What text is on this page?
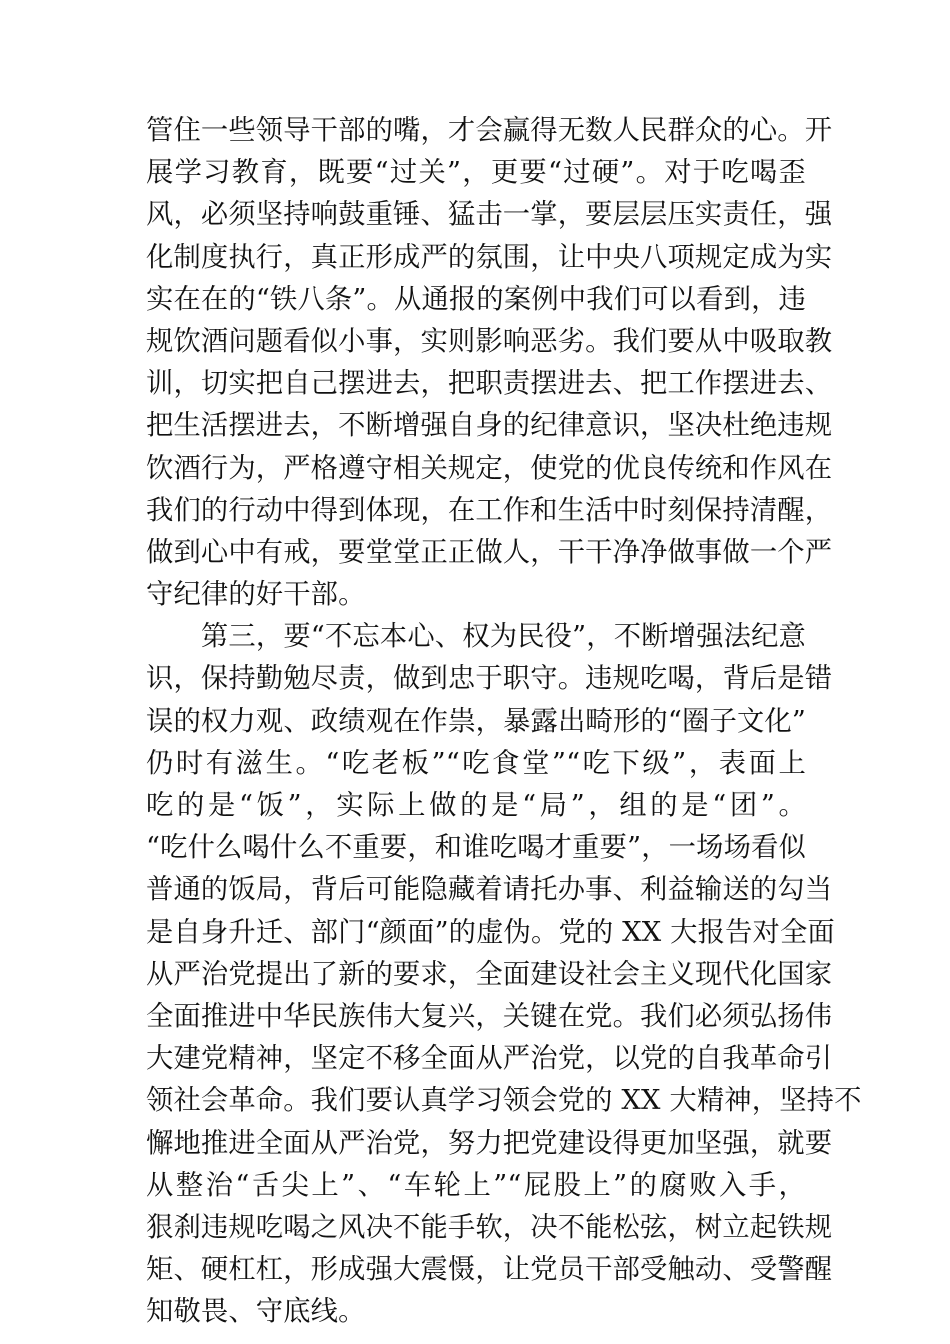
管住一些领导干部的嘴，才会赢得无数人民群众的心。开
展学习教育，既要“过关”，更要“过硬”。对于吃喝歪
风，必须坚持响鼓重锤、猛击一掌，要层层压实责任，强
化制度执行，真正形成严的氛围，让中央八项规定成为实
实在在的“铁八条”。从通报的案例中我们可以看到，违
规饮酒问题看似小事，实则影响恶劣。我们要从中吸取教
训，切实把自己摆进去，把职责摆进去、把工作摆进去、
把生活摆进去，不断增强自身的纪律意识，坚决杜绝违规
饮酒行为，严格遵守相关规定，使党的优良传统和作风在
我们的行动中得到体现，在工作和生活中时刻保持清醒，
做到心中有戒，要堂堂正正做人，干干净净做事做一个严
守纪律的好干部。
　　第三，要“不忘本心、权为民役”，不断增强法纪意
识，保持勤勉尽责，做到忠于职守。违规吃喝，背后是错
误的权力观、政绩观在作祟，暴露出畸形的“圈子文化”
仍时有滋生。“吃老板”“吃食堂”“吃下级”，表面上
吃的是“饭”，实际上做的是“局”，组的是“团”。
“吃什么喝什么不重要，和谁吃喝才重要”，一场场看似
普通的饭局，背后可能隐藏着请托办事、利益输送的勾当
是自身升迁、部门“颜面”的虚伪。党的 XX 大报告对全面
从严治党提出了新的要求，全面建设社会主义现代化国家
全面推进中华民族伟大复兴，关键在党。我们必须弘扬伟
大建党精神，坚定不移全面从严治党，以党的自我革命引
领社会革命。我们要认真学习领会党的 XX 大精神，坚持不
懈地推进全面从严治党，努力把党建设得更加坚强，就要
从整治“舌尖上”、“车轮上”“屁股上”的腐败入手，
狠刹违规吃喝之风决不能手软，决不能松弦，树立起铁规
矩、硬杠杠，形成强大震慑，让党员干部受触动、受警醒
知敬畏、守底线。
